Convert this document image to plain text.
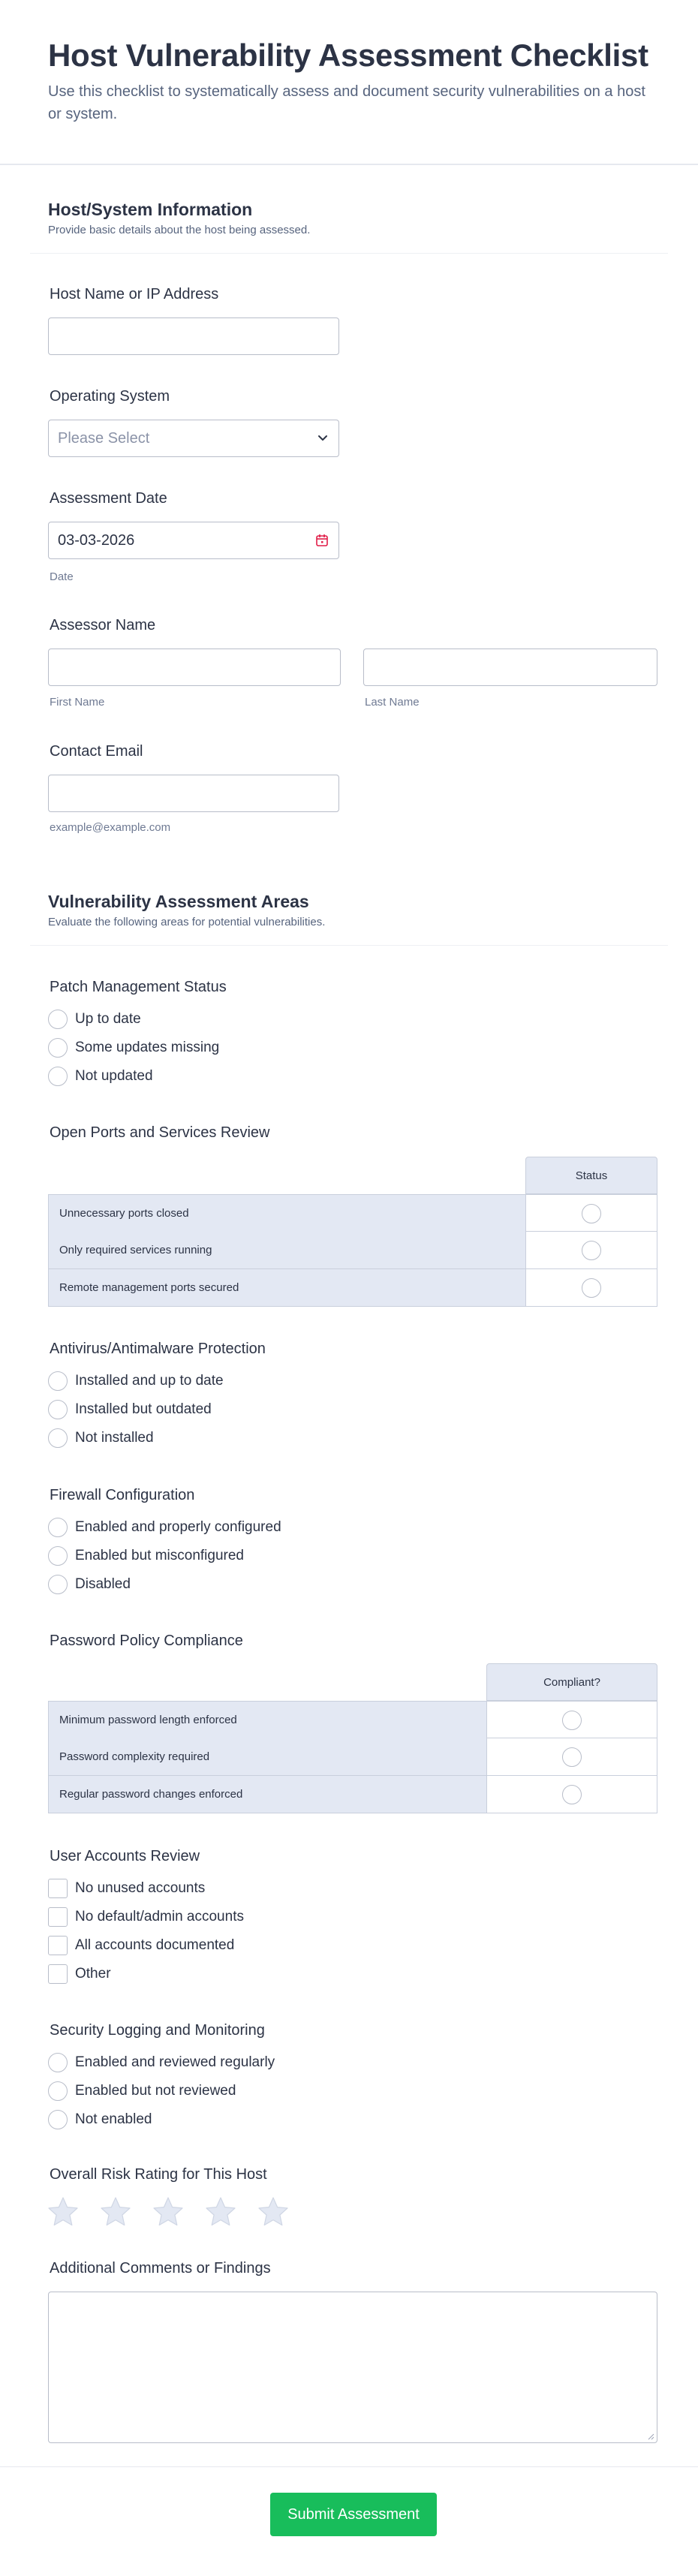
Host Vulnerability Assessment Checklist

Use this checklist to systematically assess and document security vulnerabilities on a host or system.

Host/System Information

Provide basic details about the host being assessed.

Host Name or IP Address
Operating System
Please Select
Assessment Date
03-03-2026
Date
Assessor Name
First Name	Last Name
Contact Email
example@example.com
Vulnerability Assessment Areas

Evaluate the following areas for potential vulnerabilities.

Patch Management Status
Up to date
Some updates missing
Not updated
Open Ports and Services Review
Status
Unnecessary ports closed
Only required services running
Remote management ports secured
Antivirus/Antimalware Protection
Installed and up to date
Installed but outdated
Not installed
Firewall Configuration
Enabled and properly configured
Enabled but misconfigured
Disabled
Password Policy Compliance
Compliant?
Minimum password length enforced
Password complexity required
Regular password changes enforced
User Accounts Review
No unused accounts
No default/admin accounts
All accounts documented
Other
Security Logging and Monitoring
Enabled and reviewed regularly
Enabled but not reviewed
Not enabled
Overall Risk Rating for This Host
Additional Comments or Findings
Submit Assessment
